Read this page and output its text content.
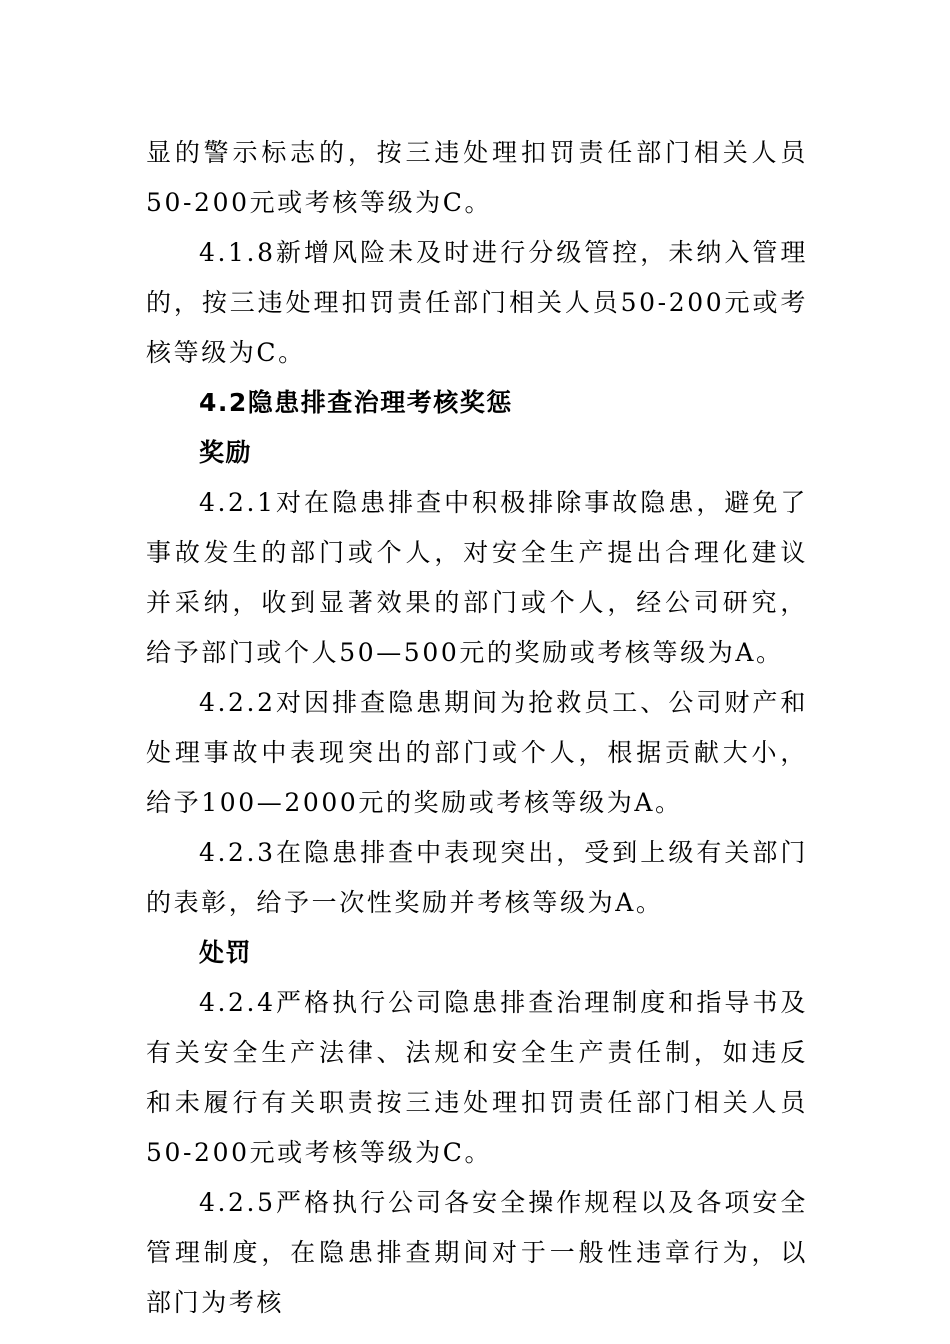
显的警示标志的，按三违处理扣罚责任部门相关人员50-200元或考核等级为C。

4.1.8新增风险未及时进行分级管控，未纳入管理的，按三违处理扣罚责任部门相关人员50-200元或考核等级为C。

4.2隐患排查治理考核奖惩

奖励

4.2.1对在隐患排查中积极排除事故隐患，避免了事故发生的部门或个人，对安全生产提出合理化建议并采纳，收到显著效果的部门或个人，经公司研究，给予部门或个人50—500元的奖励或考核等级为A。

4.2.2对因排查隐患期间为抢救员工、公司财产和处理事故中表现突出的部门或个人，根据贡献大小，给予100—2000元的奖励或考核等级为A。

4.2.3在隐患排查中表现突出，受到上级有关部门的表彰，给予一次性奖励并考核等级为A。

处罚

4.2.4严格执行公司隐患排查治理制度和指导书及有关安全生产法律、法规和安全生产责任制，如违反和未履行有关职责按三违处理扣罚责任部门相关人员50-200元或考核等级为C。

4.2.5严格执行公司各安全操作规程以及各项安全管理制度，在隐患排查期间对于一般性违章行为，以部门为考核
